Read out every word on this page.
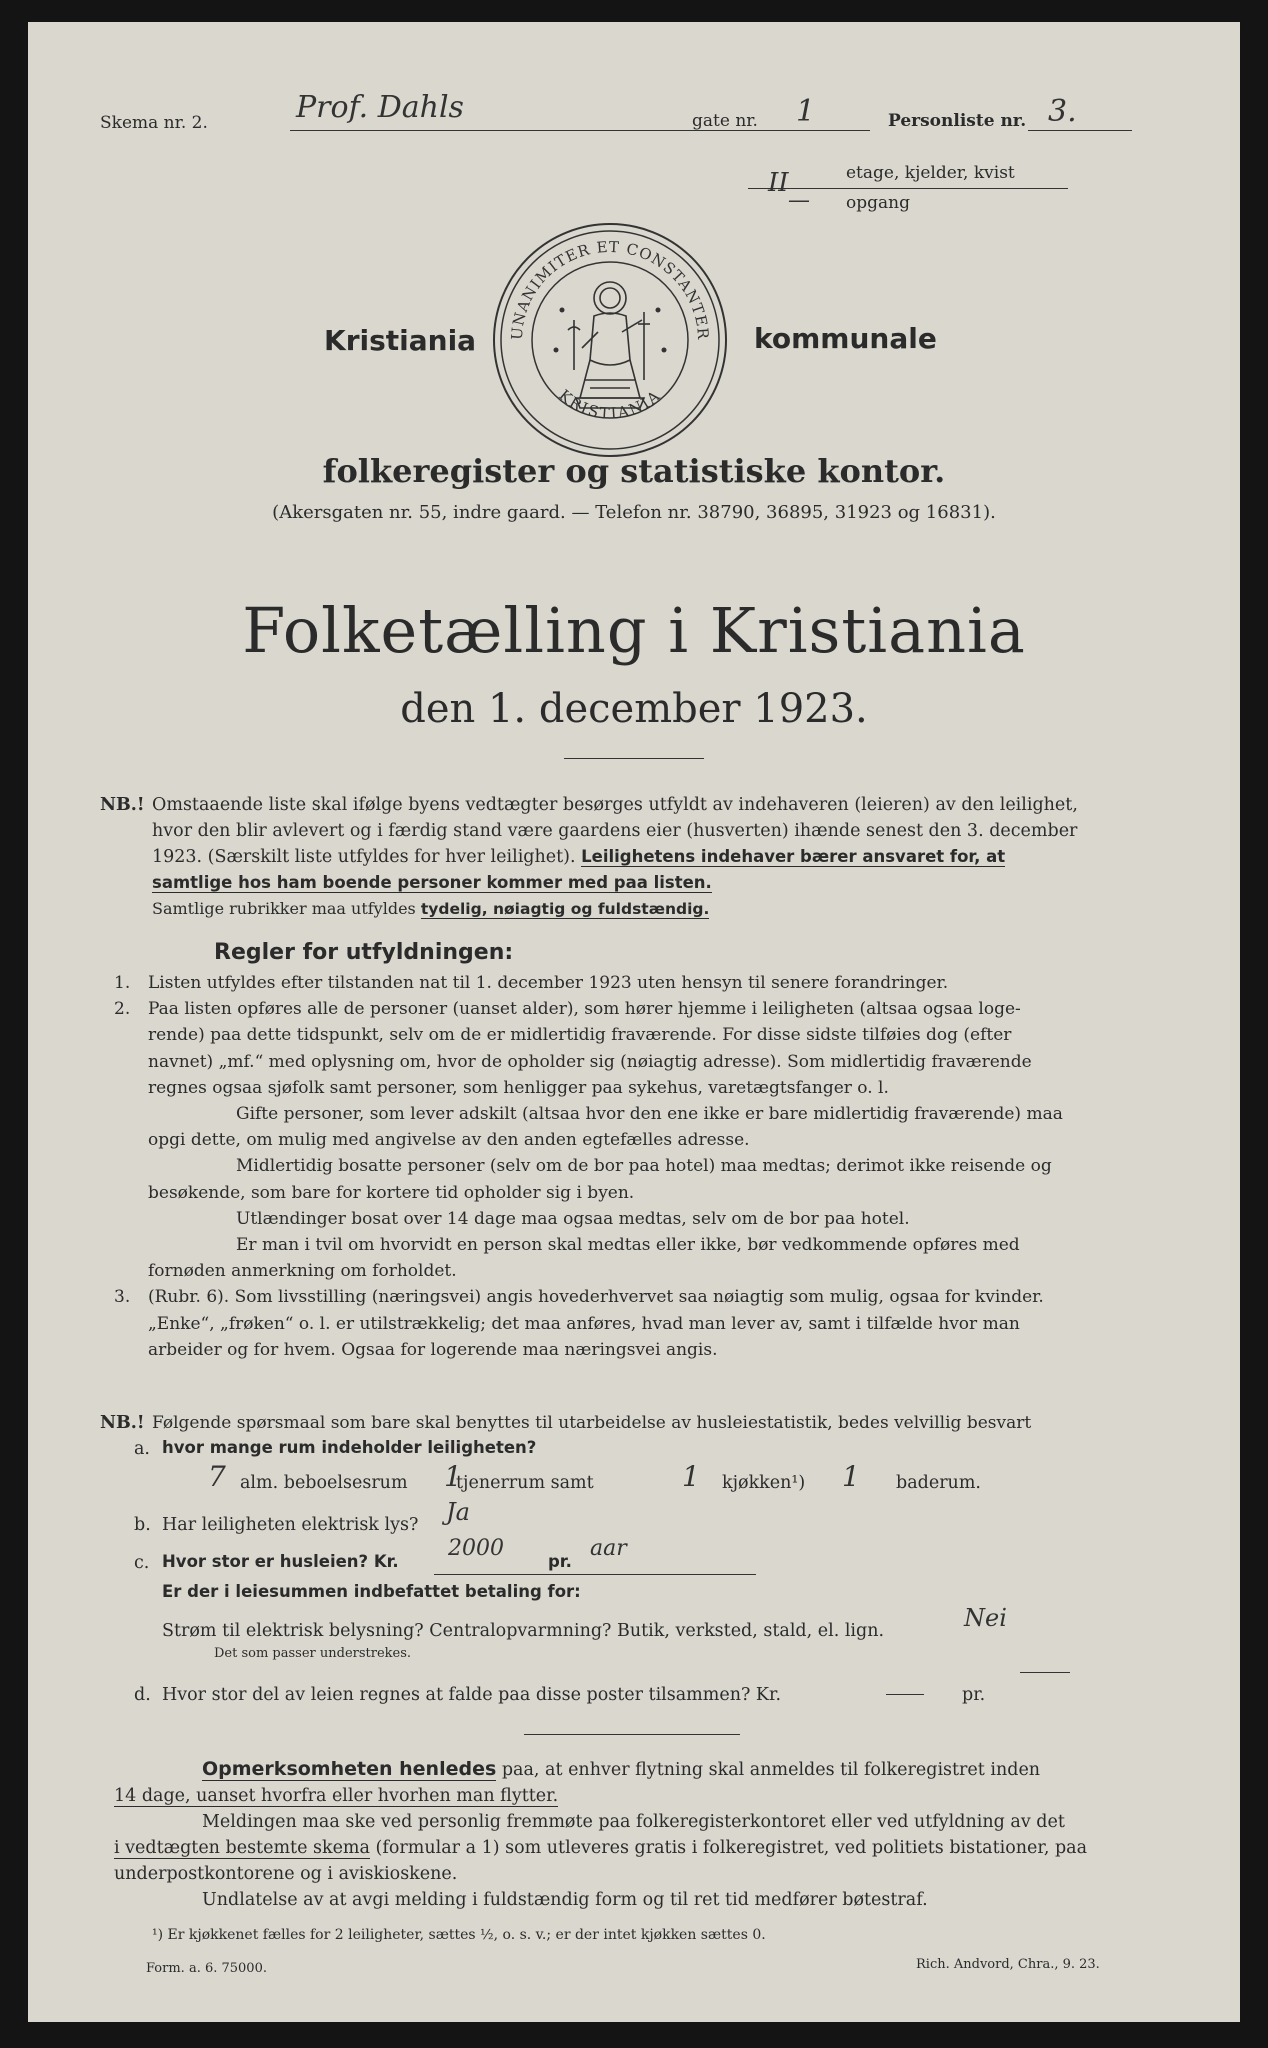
Skema nr. 2.	Prof. Dahls	gate nr. 1	Personliste nr. 3.
II	etage, kjelder, kvist
— opgang
Kristiania	kommunale
UNANIMITER ET CONSTANTER
KRISTIANIA
folkeregister og statistiske kontor.
(Akersgaten nr. 55, indre gaard. — Telefon nr. 38790, 36895, 31923 og 16831).
Folketælling i Kristiania
den 1. december 1923.
NB.! Omstaaende liste skal ifølge byens vedtægter besørges utfyldt av indehaveren (leieren) av den leilighet,
hvor den blir avlevert og i færdig stand være gaardens eier (husverten) ihænde senest den 3. december
1923. (Særskilt liste utfyldes for hver leilighet). Leilighetens indehaver bærer ansvaret for, at
samtlige hos ham boende personer kommer med paa listen.
Samtlige rubrikker maa utfyldes tydelig, nøiagtig og fuldstændig.
Regler for utfyldningen:
1. Listen utfyldes efter tilstanden nat til 1. december 1923 uten hensyn til senere forandringer.
2. Paa listen opføres alle de personer (uanset alder), som hører hjemme i leiligheten (altsaa ogsaa loge-
rende) paa dette tidspunkt, selv om de er midlertidig fraværende. For disse sidste tilføies dog (efter
navnet) „mf.“ med oplysning om, hvor de opholder sig (nøiagtig adresse). Som midlertidig fraværende
regnes ogsaa sjøfolk samt personer, som henligger paa sykehus, varetægtsfanger o. l.
Gifte personer, som lever adskilt (altsaa hvor den ene ikke er bare midlertidig fraværende) maa
opgi dette, om mulig med angivelse av den anden egtefælles adresse.
Midlertidig bosatte personer (selv om de bor paa hotel) maa medtas; derimot ikke reisende og
besøkende, som bare for kortere tid opholder sig i byen.
Utlændinger bosat over 14 dage maa ogsaa medtas, selv om de bor paa hotel.
Er man i tvil om hvorvidt en person skal medtas eller ikke, bør vedkommende opføres med
fornøden anmerkning om forholdet.
3. (Rubr. 6). Som livsstilling (næringsvei) angis hovederhvervet saa nøiagtig som mulig, ogsaa for kvinder.
„Enke“, „frøken“ o. l. er utilstrækkelig; det maa anføres, hvad man lever av, samt i tilfælde hvor man
arbeider og for hvem. Ogsaa for logerende maa næringsvei angis.
NB.! Følgende spørsmaal som bare skal benyttes til utarbeidelse av husleiestatistik, bedes velvillig besvart
a. hvor mange rum indeholder leiligheten?
7 alm. beboelsesrum 1
tjenerrum samt	1 kjøkken¹) 1 baderum.
b. Har leiligheten elektrisk lys? Ja
c. Hvor stor er husleien? Kr.
2000
pr.
aar
Er der i leiesummen indbefattet betaling for:
Strøm til elektrisk belysning? Centralopvarmning? Butik, verksted, stald, el. lign.	Nei
Det som passer understrekes.
d. Hvor stor del av leien regnes at falde paa disse poster tilsammen? Kr.	pr.
Opmerksomheten henledes paa, at enhver flytning skal anmeldes til folkeregistret inden
14 dage, uanset hvorfra eller hvorhen man flytter.
Meldingen maa ske ved personlig fremmøte paa folkeregisterkontoret eller ved utfyldning av det
i vedtægten bestemte skema (formular a 1) som utleveres gratis i folkeregistret, ved politiets bistationer, paa
underpostkontorene og i aviskioskene.
Undlatelse av at avgi melding i fuldstændig form og til ret tid medfører bøtestraf.
¹) Er kjøkkenet fælles for 2 leiligheter, sættes ½, o. s. v.; er der intet kjøkken sættes 0.
Form. a. 6. 75000.	Rich. Andvord, Chra., 9. 23.
